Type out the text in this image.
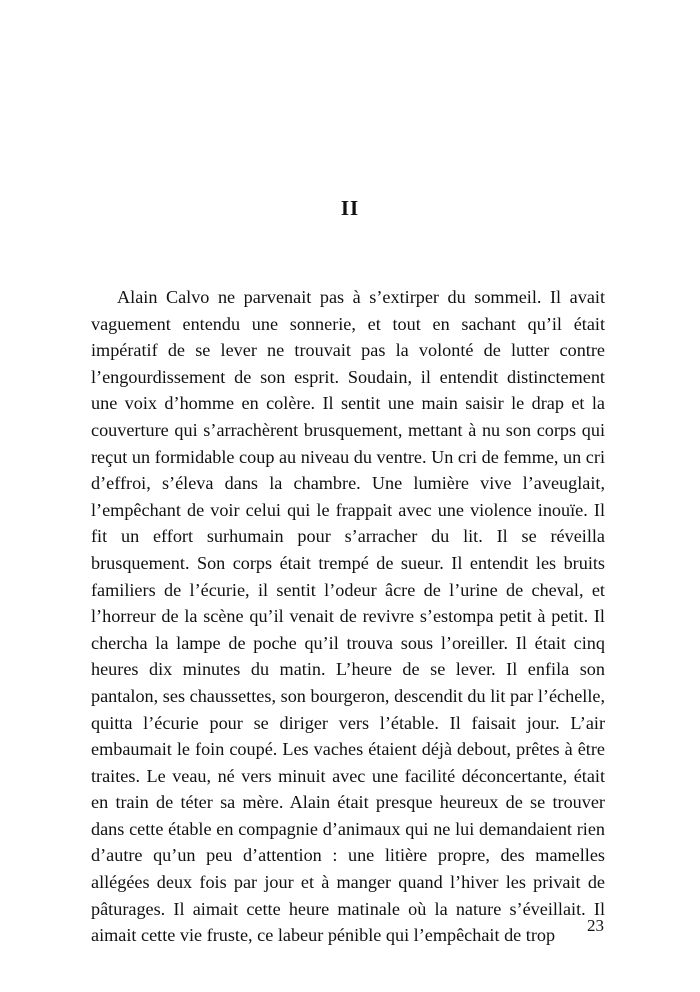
II

Alain Calvo ne parvenait pas à s’extirper du sommeil. Il avait vaguement entendu une sonnerie, et tout en sachant qu’il était impératif de se lever ne trouvait pas la volonté de lutter contre l’engourdissement de son esprit. Soudain, il entendit distinctement une voix d’homme en colère. Il sentit une main saisir le drap et la couverture qui s’arrachèrent brusquement, mettant à nu son corps qui reçut un formidable coup au niveau du ventre. Un cri de femme, un cri d’effroi, s’éleva dans la chambre. Une lumière vive l’aveuglait, l’empêchant de voir celui qui le frappait avec une violence inouïe. Il fit un effort surhumain pour s’arracher du lit. Il se réveilla brusquement. Son corps était trempé de sueur. Il entendit les bruits familiers de l’écurie, il sentit l’odeur âcre de l’urine de cheval, et l’horreur de la scène qu’il venait de revivre s’estompa petit à petit. Il chercha la lampe de poche qu’il trouva sous l’oreiller. Il était cinq heures dix minutes du matin. L’heure de se lever. Il enfila son pantalon, ses chaussettes, son bourgeron, descendit du lit par l’échelle, quitta l’écurie pour se diriger vers l’étable. Il faisait jour. L’air embaumait le foin coupé. Les vaches étaient déjà debout, prêtes à être traites. Le veau, né vers minuit avec une facilité déconcertante, était en train de téter sa mère. Alain était presque heureux de se trouver dans cette étable en compagnie d’animaux qui ne lui demandaient rien d’autre qu’un peu d’attention : une litière propre, des mamelles allégées deux fois par jour et à manger quand l’hiver les privait de pâturages. Il aimait cette heure matinale où la nature s’éveillait. Il aimait cette vie fruste, ce labeur pénible qui l’empêchait de trop	23
